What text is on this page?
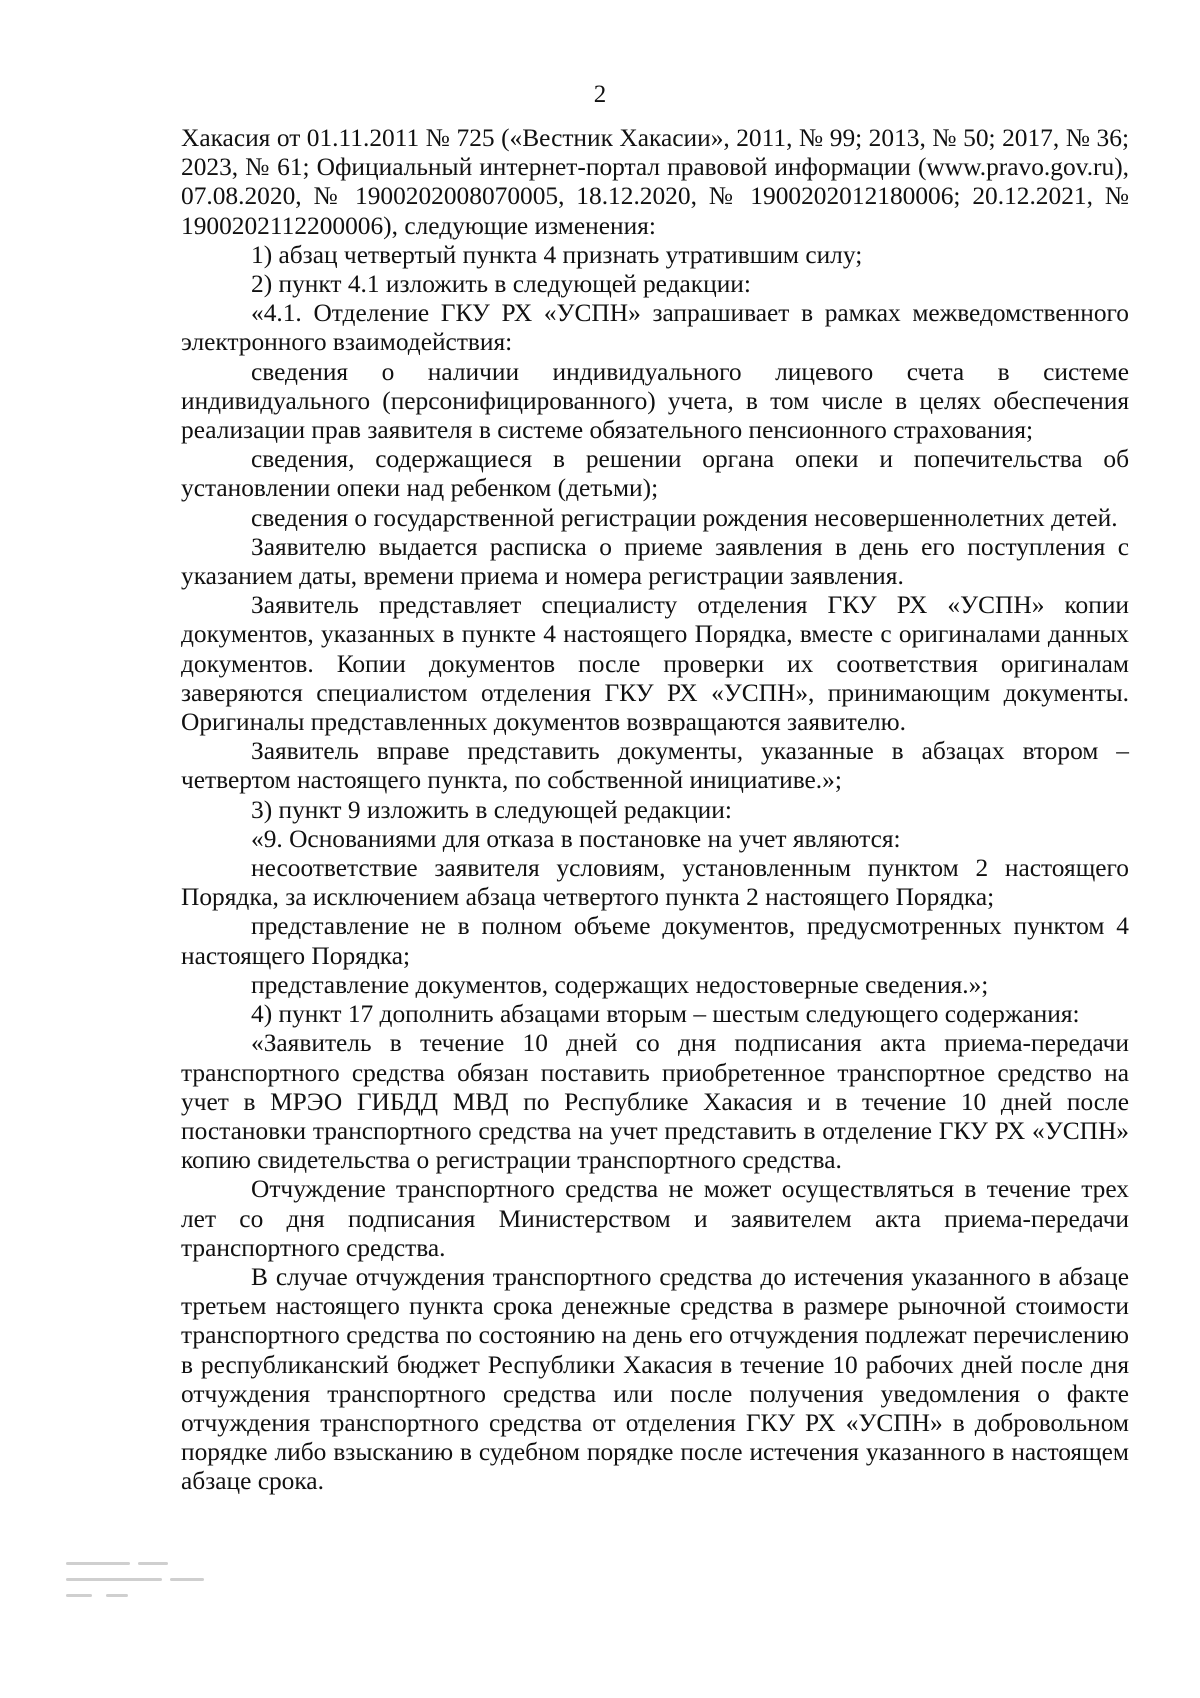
2

Хакасия от 01.11.2011 № 725 («Вестник Хакасии», 2011, № 99; 2013, № 50; 2017, № 36; 2023, № 61; Официальный интернет-портал правовой информации (www.pravo.gov.ru), 07.08.2020, № 1900202008070005, 18.12.2020, № 1900202012180006; 20.12.2021, № 1900202112200006), следующие изменения:

1) абзац четвертый пункта 4 признать утратившим силу;

2) пункт 4.1 изложить в следующей редакции:

«4.1. Отделение ГКУ РХ «УСПН» запрашивает в рамках межведомственного электронного взаимодействия:

сведения о наличии индивидуального лицевого счета в системе индивидуального (персонифицированного) учета, в том числе в целях обеспечения реализации прав заявителя в системе обязательного пенсионного страхования;

сведения, содержащиеся в решении органа опеки и попечительства об установлении опеки над ребенком (детьми);

сведения о государственной регистрации рождения несовершеннолетних детей.

Заявителю выдается расписка о приеме заявления в день его поступления с указанием даты, времени приема и номера регистрации заявления.

Заявитель представляет специалисту отделения ГКУ РХ «УСПН» копии документов, указанных в пункте 4 настоящего Порядка, вместе с оригиналами данных документов. Копии документов после проверки их соответствия оригиналам заверяются специалистом отделения ГКУ РХ «УСПН», принимающим документы. Оригиналы представленных документов возвращаются заявителю.

Заявитель вправе представить документы, указанные в абзацах втором – четвертом настоящего пункта, по собственной инициативе.»;

3) пункт 9 изложить в следующей редакции:

«9. Основаниями для отказа в постановке на учет являются:

несоответствие заявителя условиям, установленным пунктом 2 настоящего Порядка, за исключением абзаца четвертого пункта 2 настоящего Порядка;

представление не в полном объеме документов, предусмотренных пунктом 4 настоящего Порядка;

представление документов, содержащих недостоверные сведения.»;

4) пункт 17 дополнить абзацами вторым – шестым следующего содержания:

«Заявитель в течение 10 дней со дня подписания акта приема-передачи транспортного средства обязан поставить приобретенное транспортное средство на учет в МРЭО ГИБДД МВД по Республике Хакасия и в течение 10 дней после постановки транспортного средства на учет представить в отделение ГКУ РХ «УСПН» копию свидетельства о регистрации транспортного средства.

Отчуждение транспортного средства не может осуществляться в течение трех лет со дня подписания Министерством и заявителем акта приема-передачи транспортного средства.

В случае отчуждения транспортного средства до истечения указанного в абзаце третьем настоящего пункта срока денежные средства в размере рыночной стоимости транспортного средства по состоянию на день его отчуждения подлежат перечислению в республиканский бюджет Республики Хакасия в течение 10 рабочих дней после дня отчуждения транспортного средства или после получения уведомления о факте отчуждения транспортного средства от отделения ГКУ РХ «УСПН» в добровольном порядке либо взысканию в судебном порядке после истечения указанного в настоящем абзаце срока.
